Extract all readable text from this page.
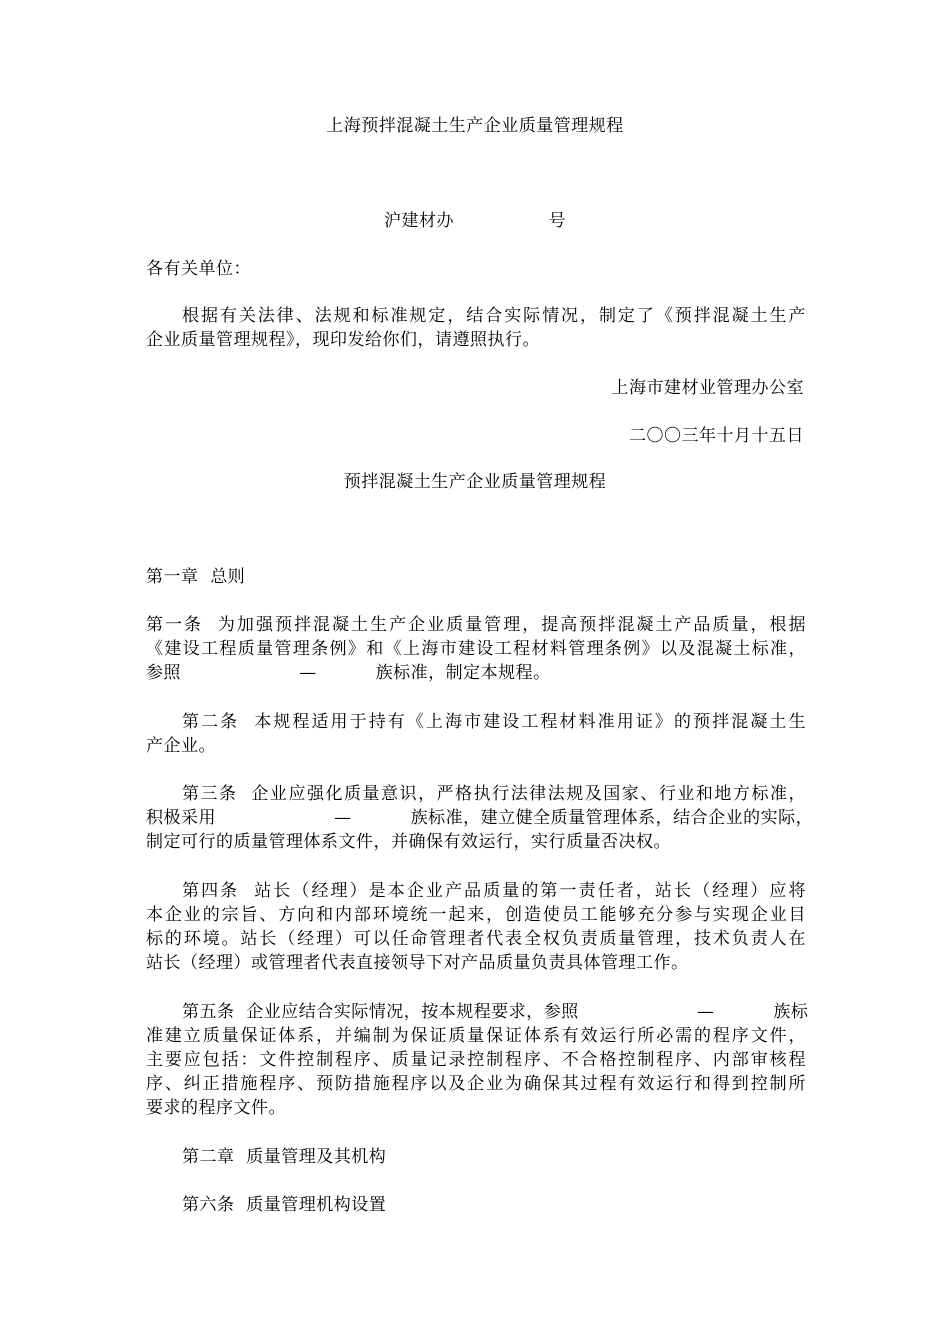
上海预拌混凝土生产企业质量管理规程
沪建材办                号
各有关单位：
根据有关法律、法规和标准规定，结合实际情况，制定了《预拌混凝土生产
企业质量管理规程》，现印发给你们，请遵照执行。
上海市建材业管理办公室
二〇〇三年十月十五日
预拌混凝土生产企业质量管理规程
第一章  总则
第一条  为加强预拌混凝土生产企业质量管理，提高预拌混凝土产品质量，根据
《建设工程质量管理条例》和《上海市建设工程材料管理条例》以及混凝土标准，
参照                    —          族标准，制定本规程。
第二条  本规程适用于持有《上海市建设工程材料准用证》的预拌混凝土生
产企业。
第三条  企业应强化质量意识，严格执行法律法规及国家、行业和地方标准，
积极采用                    —          族标准，建立健全质量管理体系，结合企业的实际，
制定可行的质量管理体系文件，并确保有效运行，实行质量否决权。
第四条  站长（经理）是本企业产品质量的第一责任者，站长（经理）应将
本企业的宗旨、方向和内部环境统一起来，创造使员工能够充分参与实现企业目
标的环境。站长（经理）可以任命管理者代表全权负责质量管理，技术负责人在
站长（经理）或管理者代表直接领导下对产品质量负责具体管理工作。
第五条  企业应结合实际情况，按本规程要求，参照                    —          族标
准建立质量保证体系，并编制为保证质量保证体系有效运行所必需的程序文件，
主要应包括：文件控制程序、质量记录控制程序、不合格控制程序、内部审核程
序、纠正措施程序、预防措施程序以及企业为确保其过程有效运行和得到控制所
要求的程序文件。
第二章  质量管理及其机构
第六条  质量管理机构设置
